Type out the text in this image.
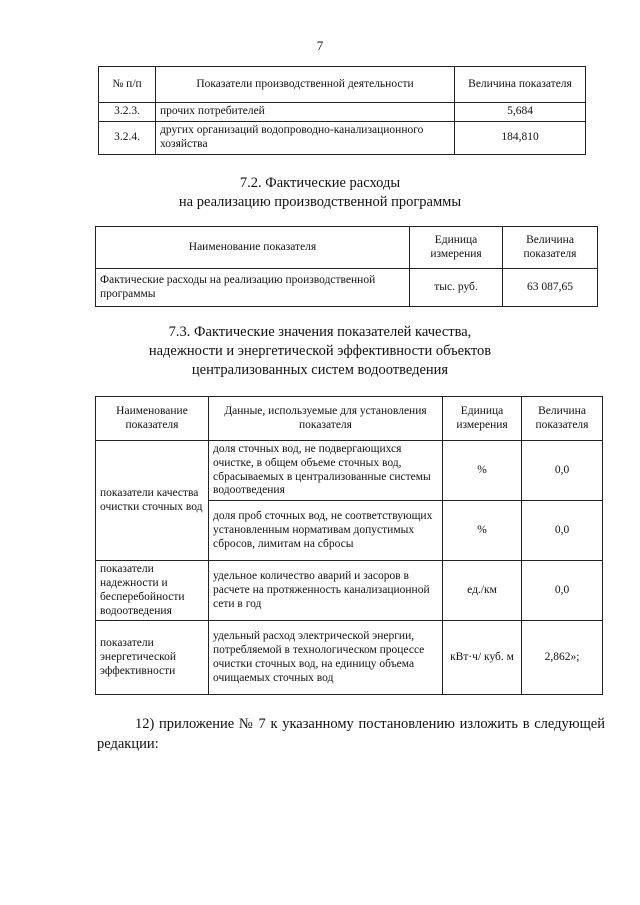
7
№ п/п	Показатели производственной деятельности	Величина показателя
3.2.3.	прочих потребителей	5,684
3.2.4.	других организаций водопроводно-канализационного хозяйства	184,810
7.2. Фактические расходы
на реализацию производственной программы
Наименование показателя	Единица измерения	Величина показателя
Фактические расходы на реализацию производственной программы	тыс. руб.	63 087,65
7.3. Фактические значения показателей качества,
надежности и энергетической эффективности объектов
централизованных систем водоотведения
Наименование показателя	Данные, используемые для установления показателя	Единица измерения	Величина показателя
показатели качества очистки сточных вод	доля сточных вод, не подвергающихся очистке, в общем объеме сточных вод, сбрасываемых в централизованные системы водоотведения	%	0,0
	доля проб сточных вод, не соответствующих установленным нормативам допустимых сбросов, лимитам на сбросы	%	0,0
показатели надежности и бесперебойности водоотведения	удельное количество аварий и засоров в расчете на протяженность канализационной сети в год	ед./км	0,0
показатели энергетической эффективности	удельный расход электрической энергии, потребляемой в технологическом процессе очистки сточных вод, на единицу объема очищаемых сточных вод	кВт·ч/ куб. м	2,862»;
12) приложение № 7 к указанному постановлению изложить в следующей редакции:
